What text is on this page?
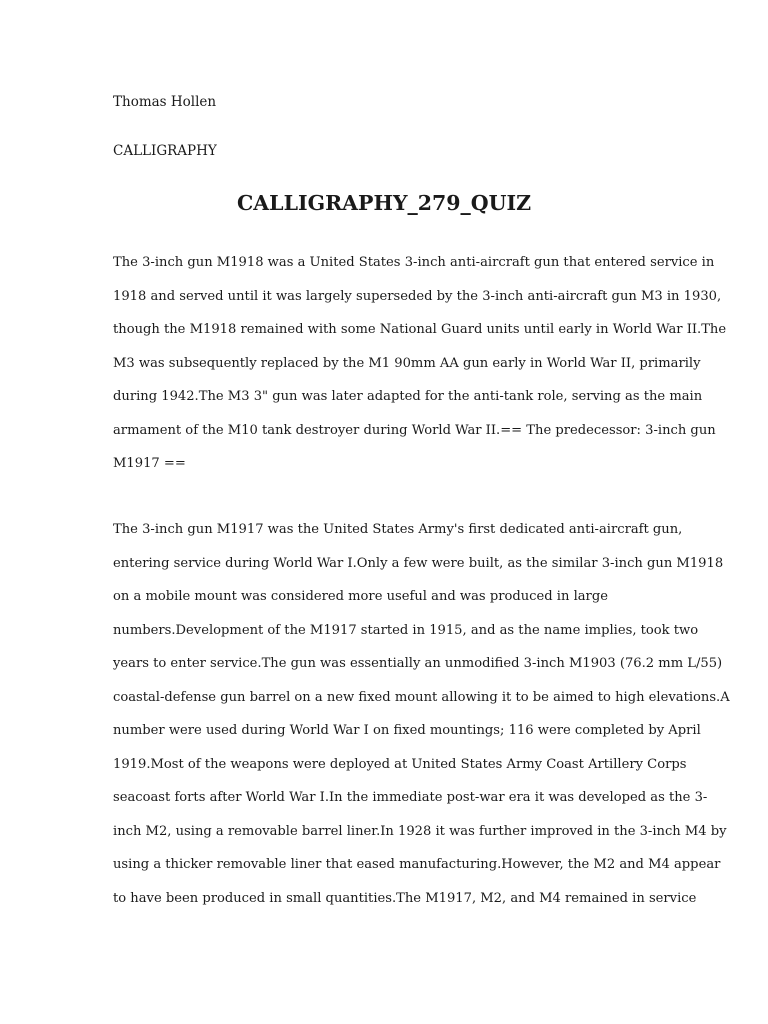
Thomas Hollen

CALLIGRAPHY

CALLIGRAPHY_279_QUIZ
The 3-inch gun M1918 was a United States 3-inch anti-aircraft gun that entered service in
1918 and served until it was largely superseded by the 3-inch anti-aircraft gun M3 in 1930,
though the M1918 remained with some National Guard units until early in World War II.The
M3 was subsequently replaced by the M1 90mm AA gun early in World War II, primarily
during 1942.The M3 3" gun was later adapted for the anti-tank role, serving as the main
armament of the M10 tank destroyer during World War II.== The predecessor: 3-inch gun
M1917 ==
The 3-inch gun M1917 was the United States Army's first dedicated anti-aircraft gun,
entering service during World War I.Only a few were built, as the similar 3-inch gun M1918
on a mobile mount was considered more useful and was produced in large
numbers.Development of the M1917 started in 1915, and as the name implies, took two
years to enter service.The gun was essentially an unmodified 3-inch M1903 (76.2 mm L/55)
coastal-defense gun barrel on a new fixed mount allowing it to be aimed to high elevations.A
number were used during World War I on fixed mountings; 116 were completed by April
1919.Most of the weapons were deployed at United States Army Coast Artillery Corps
seacoast forts after World War I.In the immediate post-war era it was developed as the 3-
inch M2, using a removable barrel liner.In 1928 it was further improved in the 3-inch M4 by
using a thicker removable liner that eased manufacturing.However, the M2 and M4 appear
to have been produced in small quantities.The M1917, M2, and M4 remained in service
